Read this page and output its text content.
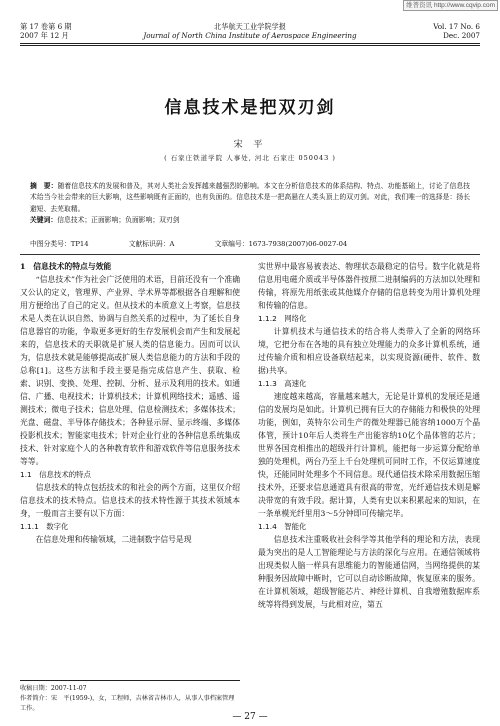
维普资讯 http://www.cqvip.com
第 17 卷第 6 期
2007 年 12 月
北华航天工业学院学报
Journal of North China Institute of Aerospace Engineering
Vol. 17 No. 6
Dec. 2007
信息技术是把双刃剑
宋 平
( 石家庄铁道学院 人事处, 河北 石家庄 050043 )
摘　要：随着信息技术的发展和普及，其对人类社会发挥越来越强烈的影响。本文在分析信息技术的体系结构、特点、功能基础上，讨论了信息技术给当今社会带来的巨大影响，这些影响既有正面的，也有负面的。信息技术是一把高悬在人类头顶上的双刃剑。对此，我们唯一的选择是：扬长避短、去芜取精。
关键词：信息技术；正面影响；负面影响；双刃剑
中图分类号：TP14	文献标识码：A	文章编号：1673-7938(2007)06-0027-04

1　信息技术的特点与效能

“信息技术”作为社会广泛使用的术语，目前还没有一个准确又公认的定义，管理界、产业界、学术界等都根据各自理解和使用方便给出了自己的定义。但从技术的本质意义上考察，信息技术是人类在认识自然、协调与自然关系的过程中，为了延长自身信息器官的功能，争取更多更好的生存发展机会而产生和发展起来的，信息技术的天职就是扩展人类的信息能力。因而可以认为，信息技术就是能够提高或扩展人类信息能力的方法和手段的总称[1]。这些方法和手段主要是指完成信息产生、获取、检索、识别、变换、处理、控制、分析、显示及利用的技术。如通信、广播、电视技术；计算机技术；计算机网络技术；遥感、遥测技术；微电子技术；信息处理、信息检测技术；多媒体技术；光盘、磁盘、半导体存储技术；各种显示屏、显示终端、多媒体投影机技术；智能家电技术；针对企业行业的各种信息系统集成技术、针对家庭个人的各种教育软件和游戏软件等信息服务技术等等。

1.1　信息技术的特点

信息技术的特点包括技术的和社会的两个方面，这里仅介绍信息技术的技术特点。信息技术的技术特性源于其技术领域本身，一般而言主要有以下方面：

1.1.1　数字化

在信息处理和传输领域，二进制数字信号是现

实世界中最容易被表达、物理状态最稳定的信号。数字化就是将信息用电磁介质或半导体器件按照二进制编码的方法加以处理和传输，将原先用纸张或其他媒介存储的信息转变为用计算机处理和传输的信息。

1.1.2　网络化

计算机技术与通信技术的结合将人类带入了全新的网络环境，它把分布在各地的具有独立处理能力的众多计算机系统，通过传输介质和相应设备联结起来，以实现资源(硬件、软件、数据)共享。

1.1.3　高速化

速度越来越高，容量越来越大，无论是计算机的发展还是通信的发展均是如此。计算机已拥有巨大的存储能力和极快的处理功能，例如，英特尔公司生产的微处理器已能容纳1000万个晶体管，预计10年后人类将生产出能容纳10亿个晶体管的芯片；世界各国竞相推出的超级并行计算机，能把每一步运算分配给单独的处理机，两台乃至上千台处理机可同时工作，不仅运算速度快，还能同时处理多个不同信息。现代通信技术除采用数据压缩技术外，还要求信息通道具有很高的带宽，光纤通信技术则是解决带宽的有效手段。据计算，人类有史以来积累起来的知识，在一条单模光纤里用3～5分钟即可传输完毕。

1.1.4　智能化

信息技术注重吸收社会科学等其他学科的理论和方法，表现最为突出的是人工智能理论与方法的深化与应用。在通信领域将出现类似人脑一样具有思维能力的智能通信网，当网络提供的某种服务因故障中断时，它可以自动诊断故障，恢复原来的服务。在计算机领域，超级智能芯片、神经计算机、自我增殖数据库系统等将得到发展，与此相对应，第五

收稿日期：2007-11-07
作者简介：宋　平(1959-)，女，工程师，吉林省吉林市人，从事人事档案管理工作。
— 27 —
